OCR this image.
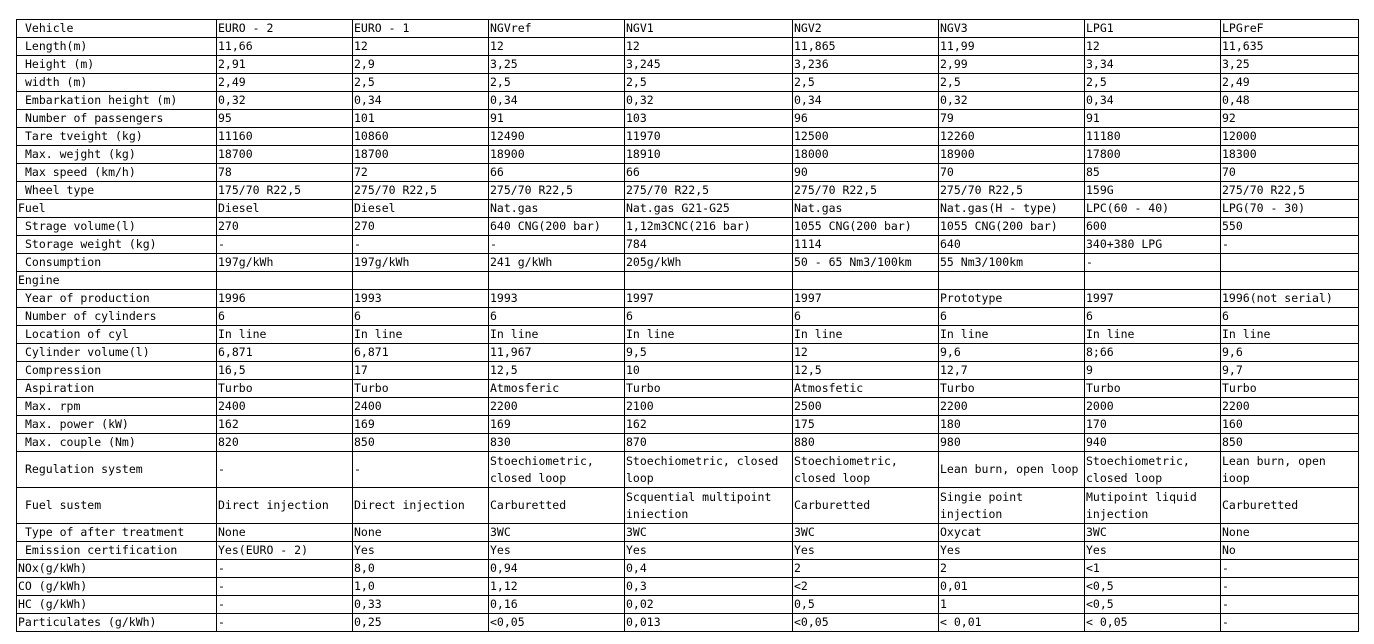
Vehicle	EURO - 2	EURO - 1	NGVref	NGV1	NGV2	NGV3	LPG1	LPGreF
Length(m)	11,66	12	12	12	11,865	11,99	12	11,635
Height (m)	2,91	2,9	3,25	3,245	3,236	2,99	3,34	3,25
width (m)	2,49	2,5	2,5	2,5	2,5	2,5	2,5	2,49
Embarkation height (m)	0,32	0,34	0,34	0,32	0,34	0,32	0,34	0,48
Number of passengers	95	101	91	103	96	79	91	92
Tare tveight (kg)	11160	10860	12490	11970	12500	12260	11180	12000
Max. wejght (kg)	18700	18700	18900	18910	18000	18900	17800	18300
Max speed (km/h)	78	72	66	66	90	70	85	70
Wheel type	175/70 R22,5	275/70 R22,5	275/70 R22,5	275/70 R22,5	275/70 R22,5	275/70 R22,5	159G	275/70 R22,5
Fuel	Diesel	Diesel	Nat.gas	Nat.gas G21-G25	Nat.gas	Nat.gas(H - type)	LPC(60 - 40)	LPG(70 - 30)
Strage volume(l)	270	270	640 CNG(200 bar)	1,12m3CNC(216 bar)	1055 CNG(200 bar)	1055 CNG(200 bar)	600	550
Storage weight (kg)	-	-	-	784	1114	640	340+380 LPG	-
Consumption	197g/kWh	197g/kWh	241 g/kWh	205g/kWh	50 - 65 Nm3/100km	55 Nm3/100km	-	
Engine								
Year of production	1996	1993	1993	1997	1997	Prototype	1997	1996(not serial)
Number of cylinders	6	6	6	6	6	6	6	6
Location of cyl	In line	In line	In line	In line	In line	In line	In line	In line
Cylinder volume(l)	6,871	6,871	11,967	9,5	12	9,6	8;66	9,6
Compression	16,5	17	12,5	10	12,5	12,7	9	9,7
Aspiration	Turbo	Turbo	Atmosferic	Turbo	Atmosfetic	Turbo	Turbo	Turbo
Max. rpm	2400	2400	2200	2100	2500	2200	2000	2200
Max. power (kW)	162	169	169	162	175	180	170	160
Max. couple (Nm)	820	850	830	870	880	980	940	850
Regulation system	-	-	Stoechiometric, closed loop	Stoechiometric, closed loop	Stoechiometric, closed loop	Lean burn, open loop	Stoechiometric, closed loop	Lean burn, open ioop
Fuel sustem	Direct injection	Direct injection	Carburetted	Scquential multipoint iniection	Carburetted	Singie point injection	Mutipoint liquid injection	Carburetted
Type of after treatment	None	None	3WC	3WC	3WC	Oxycat	3WC	None
Emission certification	Yes(EURO - 2)	Yes	Yes	Yes	Yes	Yes	Yes	No
NOx(g/kWh)	-	8,0	0,94	0,4	2	2	<1	-
CO (g/kWh)	-	1,0	1,12	0,3	<2	0,01	<0,5	-
HC (g/kWh)	-	0,33	0,16	0,02	0,5	1	<0,5	-
Particulates (g/kWh)	-	0,25	<0,05	0,013	<0,05	< 0,01	< 0,05	-
